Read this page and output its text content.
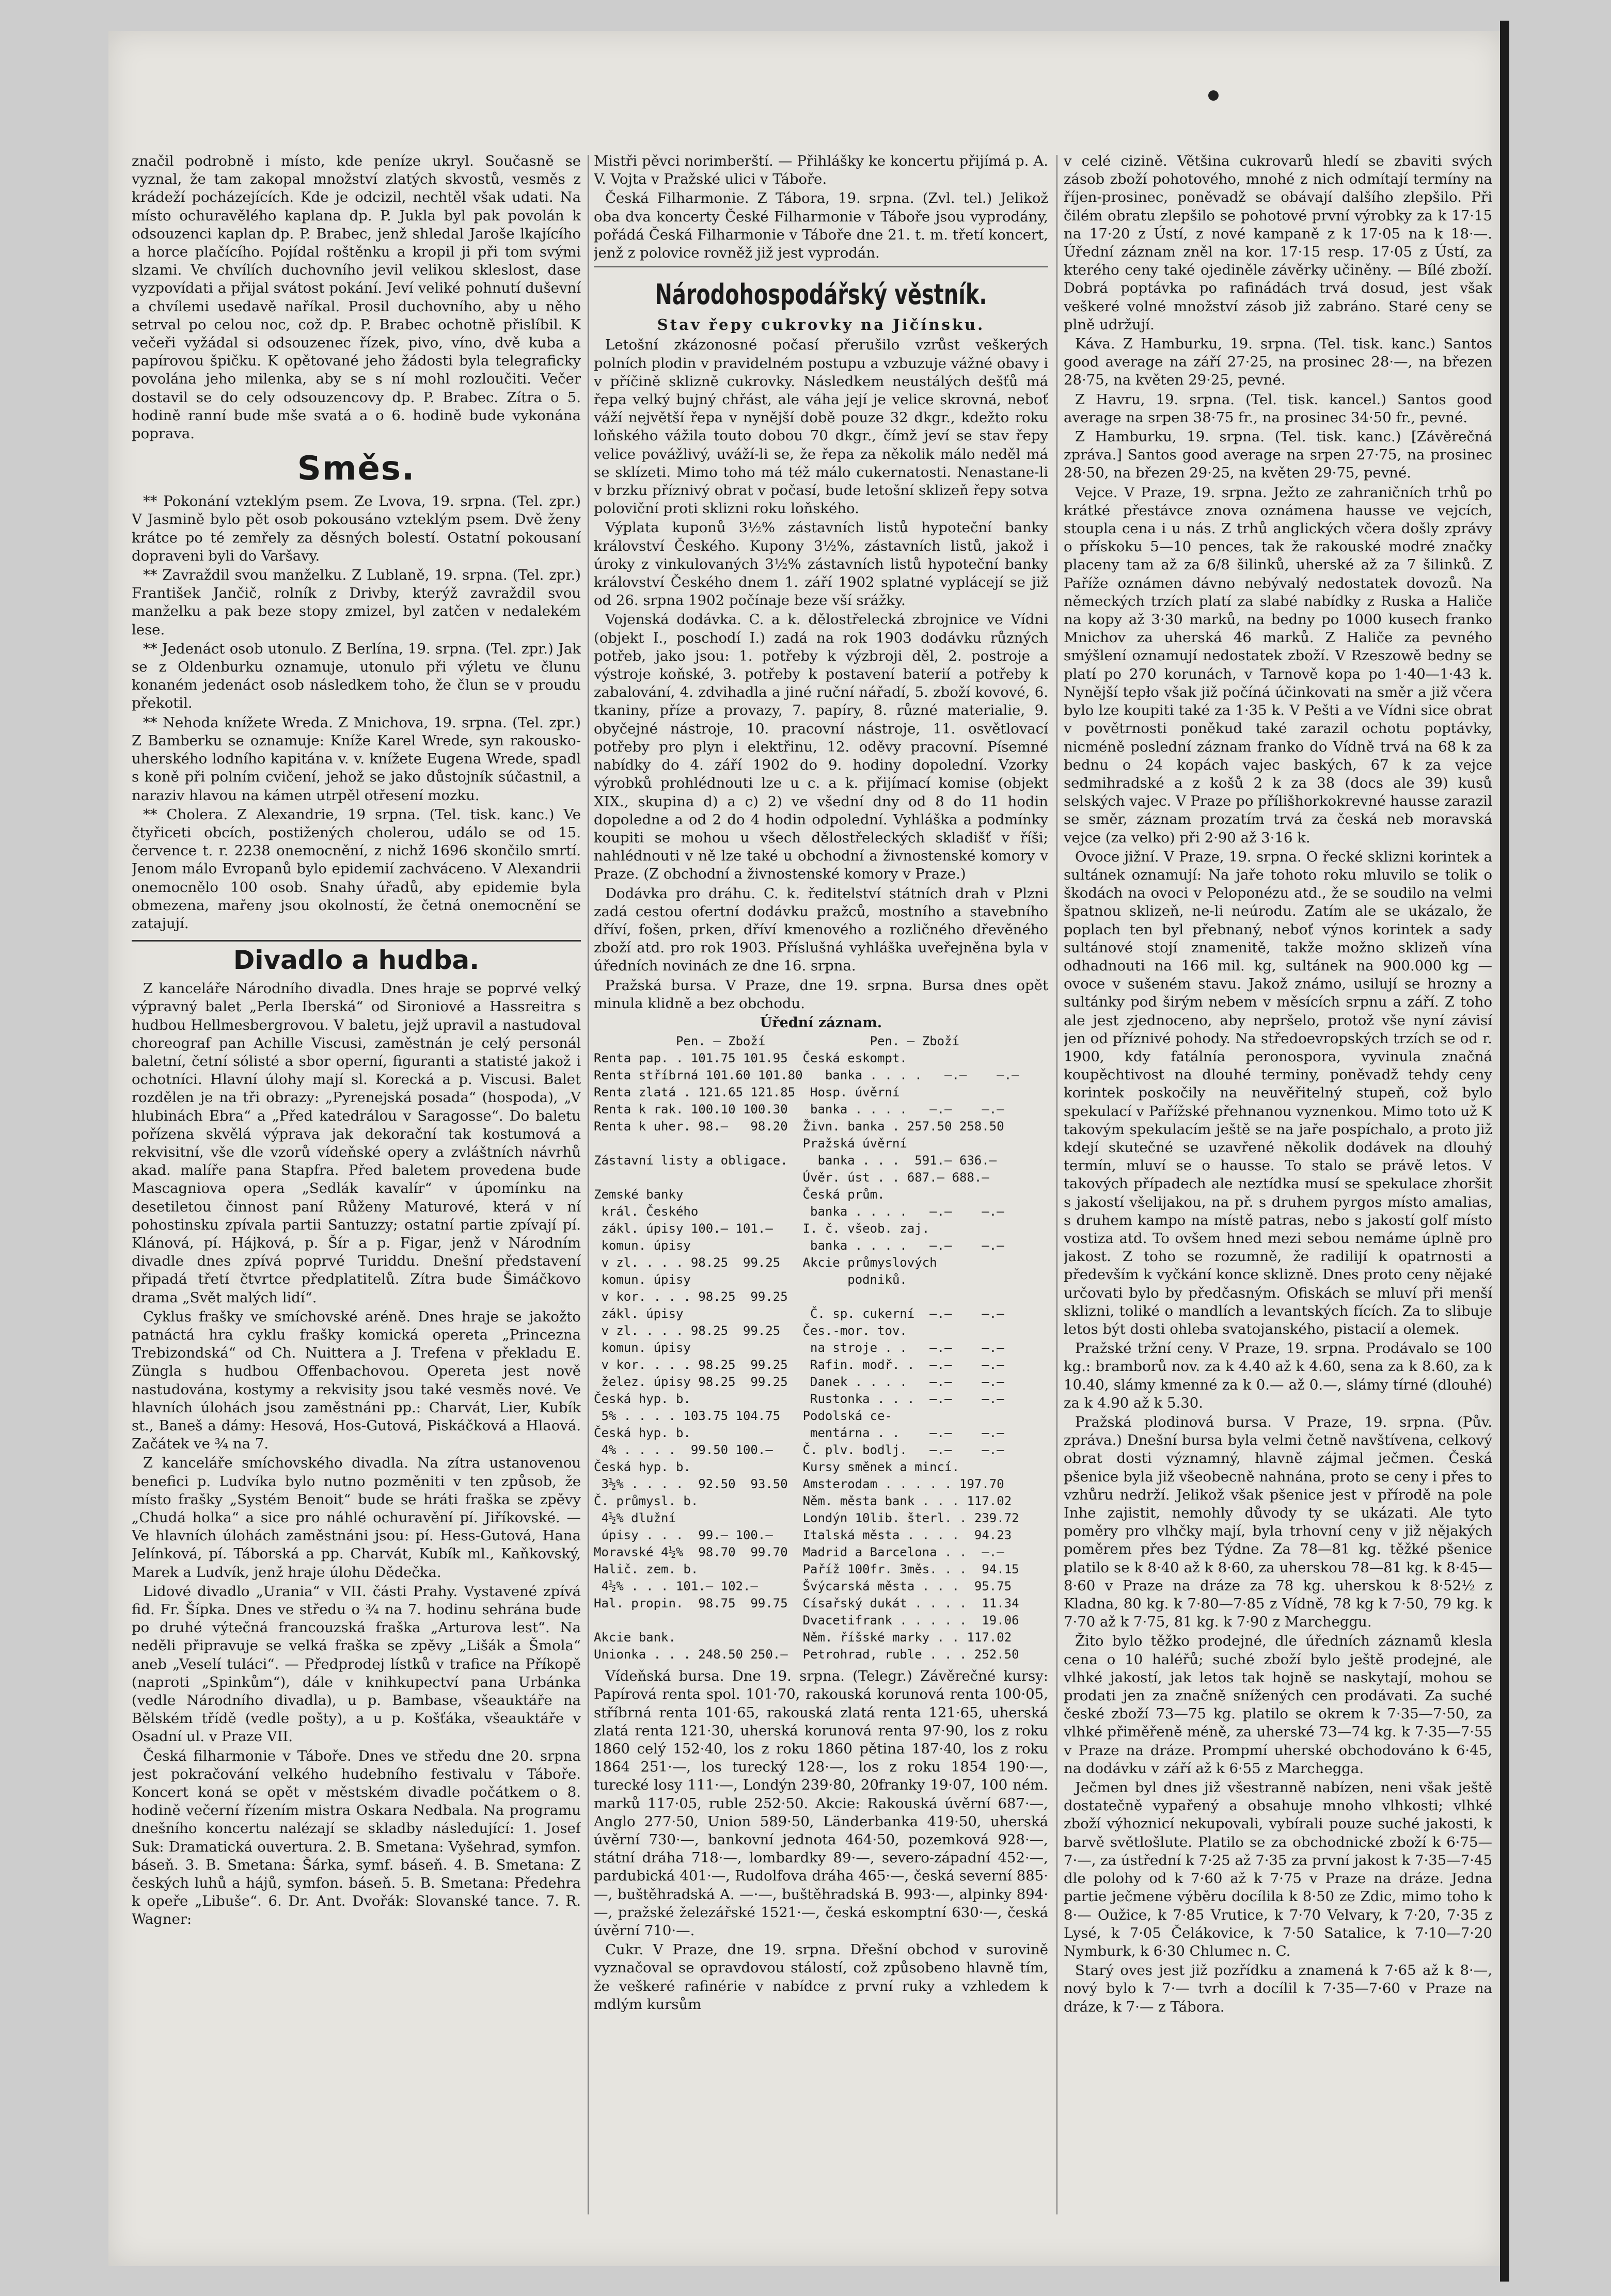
značil podrobně i místo, kde peníze ukryl. Současně se vyznal, že tam zakopal množství zlatých skvostů, vesměs z krádeží pocházejících. Kde je odcizil, nechtěl však udati. Na místo ochuravělého kaplana dp. P. Jukla byl pak povolán k odsouzenci kaplan dp. P. Brabec, jenž shledal Jaroše lkajícího a horce plačícího. Pojídal roštěnku a kropil ji při tom svými slzami. Ve chvílích duchovního jevil velikou skleslost, dase vyzpovídati a přijal svátost pokání. Jeví veliké pohnutí duševní a chvílemi usedavě naříkal. Prosil duchovního, aby u něho setrval po celou noc, což dp. P. Brabec ochotně přislíbil. K večeři vyžádal si odsouzenec řízek, pivo, víno, dvě kuba a papírovou špičku. K opětované jeho žádosti byla telegraficky povolána jeho milenka, aby se s ní mohl rozloučiti. Večer dostavil se do cely odsouzencovy dp. P. Brabec. Zítra o 5. hodině ranní bude mše svatá a o 6. hodině bude vykonána poprava.

Směs.

** Pokonání vzteklým psem. Ze Lvova, 19. srpna. (Tel. zpr.) V Jasmině bylo pět osob pokousáno vzteklým psem. Dvě ženy krátce po té zemřely za děsných bolestí. Ostatní pokousaní dopraveni byli do Varšavy.

** Zavraždil svou manželku. Z Lublaně, 19. srpna. (Tel. zpr.) František Jančič, rolník z Drivby, kterýž zavraždil svou manželku a pak beze stopy zmizel, byl zatčen v nedalekém lese.

** Jedenáct osob utonulo. Z Berlína, 19. srpna. (Tel. zpr.) Jak se z Oldenburku oznamuje, utonulo při výletu ve člunu konaném jedenáct osob následkem toho, že člun se v proudu překotil.

** Nehoda knížete Wreda. Z Mnichova, 19. srpna. (Tel. zpr.) Z Bamberku se oznamuje: Kníže Karel Wrede, syn rakousko-uherského lodního kapitána v. v. knížete Eugena Wrede, spadl s koně při polním cvičení, jehož se jako důstojník súčastnil, a naraziv hlavou na kámen utrpěl otřesení mozku.

** Cholera. Z Alexandrie, 19 srpna. (Tel. tisk. kanc.) Ve čtyřiceti obcích, postižených cholerou, událo se od 15. července t. r. 2238 onemocnění, z nichž 1696 skončilo smrtí. Jenom málo Evropanů bylo epidemií zachváceno. V Alexandrii onemocnělo 100 osob. Snahy úřadů, aby epidemie byla obmezena, mařeny jsou okolností, že četná onemocnění se zatajují.

Divadlo a hudba.

Z kanceláře Národního divadla. Dnes hraje se poprvé velký výpravný balet „Perla Iberská“ od Sironiové a Hassreitra s hudbou Hellmesbergrovou. V baletu, jejž upravil a nastudoval choreograf pan Achille Viscusi, zaměstnán je celý personál baletní, četní sólisté a sbor operní, figuranti a statisté jakož i ochotníci. Hlavní úlohy mají sl. Korecká a p. Viscusi. Balet rozdělen je na tři obrazy: „Pyrenejská posada“ (hospoda), „V hlubinách Ebra“ a „Před katedrálou v Saragosse“. Do baletu pořízena skvělá výprava jak dekorační tak kostumová a rekvisitní, vše dle vzorů vídeňské opery a zvláštních návrhů akad. malíře pana Stapfra. Před baletem provedena bude Mascagniova opera „Sedlák kavalír“ v úpomínku na desetiletou činnost paní Růženy Maturové, která v ní pohostinsku zpívala partii Santuzzy; ostatní partie zpívají pí. Klánová, pí. Hájková, p. Šír a p. Figar, jenž v Národním divadle dnes zpívá poprvé Turiddu. Dnešní představení připadá třetí čtvrtce předplatitelů. Zítra bude Šimáčkovo drama „Svět malých lidí“.

Cyklus frašky ve smíchovské aréně. Dnes hraje se jakožto patnáctá hra cyklu frašky komická opereta „Princezna Trebizondská“ od Ch. Nuittera a J. Trefena v překladu E. Züngla s hudbou Offenbachovou. Opereta jest nově nastudována, kostymy a rekvisity jsou také vesměs nové. Ve hlavních úlohách jsou zaměstnáni pp.: Charvát, Lier, Kubík st., Baneš a dámy: Hesová, Hos-Gutová, Piskáčková a Hlaová. Začátek ve ¾ na 7.

Z kanceláře smíchovského divadla. Na zítra ustanovenou benefici p. Ludvíka bylo nutno pozměniti v ten způsob, že místo frašky „Systém Benoit“ bude se hráti fraška se zpěvy „Chudá holka“ a sice pro náhlé ochuravění pí. Jiříkovské. — Ve hlavních úlohách zaměstnáni jsou: pí. Hess-Gutová, Hana Jelínková, pí. Táborská a pp. Charvát, Kubík ml., Kaňkovský, Marek a Ludvík, jenž hraje úlohu Dědečka.

Lidové divadlo „Urania“ v VII. části Prahy. Vystavené zpívá fid. Fr. Šípka. Dnes ve středu o ¾ na 7. hodinu sehrána bude po druhé výtečná francouzská fraška „Arturova lest“. Na neděli připravuje se velká fraška se zpěvy „Lišák a Šmola“ aneb „Veselí tuláci“. — Předprodej lístků v trafice na Příkopě (naproti „Spinkům“), dále v knihkupectví pana Urbánka (vedle Národního divadla), u p. Bambase, všeauktáře na Bělském třídě (vedle pošty), a u p. Košťáka, všeauktáře v Osadní ul. v Praze VII.

Česká filharmonie v Táboře. Dnes ve středu dne 20. srpna jest pokračování velkého hudebního festivalu v Táboře. Koncert koná se opět v městském divadle počátkem o 8. hodině večerní řízením mistra Oskara Nedbala. Na programu dnešního koncertu nalézají se skladby následující: 1. Josef Suk: Dramatická ouvertura. 2. B. Smetana: Vyšehrad, symfon. báseň. 3. B. Smetana: Šárka, symf. báseň. 4. B. Smetana: Z českých luhů a hájů, symfon. báseň. 5. B. Smetana: Předehra k opeře „Libuše“. 6. Dr. Ant. Dvořák: Slovanské tance. 7. R. Wagner:

Mistři pěvci norimberští. — Přihlášky ke koncertu přijímá p. A. V. Vojta v Pražské ulici v Táboře.

Česká Filharmonie. Z Tábora, 19. srpna. (Zvl. tel.) Jelikož oba dva koncerty České Filharmonie v Táboře jsou vyprodány, pořádá Česká Filharmonie v Táboře dne 21. t. m. třetí koncert, jenž z polovice rovněž již jest vyprodán.

Národohospodářský věstník.
Stav řepy cukrovky na Jičínsku.

Letošní zkázonosné počasí přerušilo vzrůst veškerých polních plodin v pravidelném postupu a vzbuzuje vážné obavy i v příčině sklizně cukrovky. Následkem neustálých dešťů má řepa velký bujný chřást, ale váha její je velice skrovná, neboť váží největší řepa v nynější době pouze 32 dkgr., kdežto roku loňského vážila touto dobou 70 dkgr., čímž jeví se stav řepy velice povážlivý, uváží-li se, že řepa za několik málo neděl má se sklízeti. Mimo toho má též málo cukernatosti. Nenastane-li v brzku příznivý obrat v počasí, bude letošní sklizeň řepy sotva poloviční proti sklizni roku loňského.

Výplata kuponů 3½% zástavních listů hypoteční banky království Českého. Kupony 3½%, zástavních listů, jakož i úroky z vinkulovaných 3½% zástavních listů hypoteční banky království Českého dnem 1. září 1902 splatné vyplácejí se již od 26. srpna 1902 počínaje beze vší srážky.

Vojenská dodávka. C. a k. dělostřelecká zbrojnice ve Vídni (objekt I., poschodí I.) zadá na rok 1903 dodávku různých potřeb, jako jsou: 1. potřeby k výzbroji děl, 2. postroje a výstroje koňské, 3. potřeby k postavení baterií a potřeby k zabalování, 4. zdvihadla a jiné ruční nářadí, 5. zboží kovové, 6. tkaniny, příze a provazy, 7. papíry, 8. různé materialie, 9. obyčejné nástroje, 10. pracovní nástroje, 11. osvětlovací potřeby pro plyn i elektřinu, 12. oděvy pracovní. Písemné nabídky do 4. září 1902 do 9. hodiny dopolední. Vzorky výrobků prohlédnouti lze u c. a k. přijímací komise (objekt XIX., skupina d) a c) 2) ve všední dny od 8 do 11 hodin dopoledne a od 2 do 4 hodin odpolední. Vyhláška a podmínky koupiti se mohou u všech dělostřeleckých skladišť v říši; nahlédnouti v ně lze také u obchodní a živnostenské komory v Praze. (Z obchodní a živnostenské komory v Praze.)

Dodávka pro dráhu. C. k. ředitelství státních drah v Plzni zadá cestou ofertní dodávku pražců, mostního a stavebního dříví, fošen, prken, dříví kmenového a rozličného dřevěného zboží atd. pro rok 1903. Příslušná vyhláška uveřejněna byla v úředních novinách ze dne 16. srpna.

Pražská bursa. V Praze, dne 19. srpna. Bursa dnes opět minula klidně a bez obchodu.

Úřední záznam.
Pen. — Zboží              Pen. — Zboží
Renta pap. . 101.75 101.95  Česká eskompt.
Renta stříbrná 101.60 101.80   banka . . . .   —.—    —.—
Renta zlatá . 121.65 121.85  Hosp. úvěrní
Renta k rak. 100.10 100.30   banka . . . .   —.—    —.—
Renta k uher. 98.—   98.20  Živn. banka . 257.50 258.50
Pražská úvěrní
Zástavní listy a obligace.    banka . . .  591.— 636.—
Úvěr. úst . . 687.— 688.—
Zemské banky                Česká prům.
král. Českého               banka . . . .   —.—    —.—
zákl. úpisy 100.— 101.—    I. č. všeob. zaj.
komun. úpisy                banka . . . .   —.—    —.—
v zl. . . . 98.25  99.25   Akcie průmyslových
komun. úpisy                     podniků.
v kor. . . . 98.25  99.25
zákl. úpisy                 Č. sp. cukerní  —.—    —.—
v zl. . . . 98.25  99.25   Čes.-mor. tov.
komun. úpisy                na stroje . .   —.—    —.—
v kor. . . . 98.25  99.25   Rafin. modř. .  —.—    —.—
želez. úpisy 98.25  99.25   Danek . . . .   —.—    —.—
Česká hyp. b.                Rustonka . . .  —.—    —.—
5% . . . . 103.75 104.75   Podolská ce-
Česká hyp. b.                mentárna . .    —.—    —.—
4% . . . .  99.50 100.—    Č. plv. bodlj.   —.—    —.—
Česká hyp. b.               Kursy směnek a mincí.
3½% . . . .  92.50  93.50  Amsterodam . . . . . 197.70
Č. průmysl. b.              Něm. města bank . . . 117.02
4½% dlužní                 Londýn 10lib. šterl. . 239.72
úpisy . . .  99.— 100.—    Italská města . . . .  94.23
Moravské 4½%  98.70  99.70  Madrid a Barcelona . .  —.—
Halič. zem. b.              Paříž 100fr. 3měs. . .  94.15
4½% . . . 101.— 102.—      Švýcarská města . . .  95.75
Hal. propin.  98.75  99.75  Císařský dukát . . . .  11.34
Dvacetifrank . . . . .  19.06
Akcie bank.                 Něm. říšské marky . . 117.02
Unionka . . . 248.50 250.—  Petrohrad, ruble . . . 252.50

Vídeňská bursa. Dne 19. srpna. (Telegr.) Závěrečné kursy: Papírová renta spol. 101·70, rakouská korunová renta 100·05, stříbrná renta 101·65, rakouská zlatá renta 121·65, uherská zlatá renta 121·30, uherská korunová renta 97·90, los z roku 1860 celý 152·40, los z roku 1860 pětina 187·40, los z roku 1864 251·—, los turecký 128·—, los z roku 1854 190·—, turecké losy 111·—, Londýn 239·80, 20franky 19·07, 100 ném. marků 117·05, ruble 252·50. Akcie: Rakouská úvěrní 687·—, Anglo 277·50, Union 589·50, Länderbanka 419·50, uherská úvěrní 730·—, bankovní jednota 464·50, pozemková 928·—, státní dráha 718·—, lombardky 89·—, severo-západní 452·—, pardubická 401·—, Rudolfova dráha 465·—, česká severní 885·—, buštěhradská A. —·—, buštěhradská B. 993·—, alpinky 894·—, pražské železářské 1521·—, česká eskomptní 630·—, česká úvěrní 710·—.

Cukr. V Praze, dne 19. srpna. Dřešní obchod v surovině vyznačoval se opravdovou stálostí, což způsobeno hlavně tím, že veškeré rafinérie v nabídce z první ruky a vzhledem k mdlým kursům

v celé cizině. Většina cukrovarů hledí se zbaviti svých zásob zboží pohotového, mnohé z nich odmítají termíny na říjen-prosinec, poněvadž se obávají dalšího zlepšilo. Při čilém obratu zlepšilo se pohotové první výrobky za k 17·15 na 17·20 z Ústí, z nové kampaně z k 17·05 na k 18·—. Úřední záznam zněl na kor. 17·15 resp. 17·05 z Ústí, za kterého ceny také ojediněle závěrky učiněny. — Bílé zboží. Dobrá poptávka po rafinádách trvá dosud, jest však veškeré volné množství zásob již zabráno. Staré ceny se plně udržují.

Káva. Z Hamburku, 19. srpna. (Tel. tisk. kanc.) Santos good average na září 27·25, na prosinec 28·—, na březen 28·75, na květen 29·25, pevné.

Z Havru, 19. srpna. (Tel. tisk. kancel.) Santos good average na srpen 38·75 fr., na prosinec 34·50 fr., pevné.

Z Hamburku, 19. srpna. (Tel. tisk. kanc.) [Závěrečná zpráva.] Santos good average na srpen 27·75, na prosinec 28·50, na březen 29·25, na květen 29·75, pevné.

Vejce. V Praze, 19. srpna. Ježto ze zahraničních trhů po krátké přestávce znova oznámena hausse ve vejcích, stoupla cena i u nás. Z trhů anglických včera došly zprávy o přískoku 5—10 pences, tak že rakouské modré značky placeny tam až za 6/8 šilinků, uherské až za 7 šilinků. Z Paříže oznámen dávno nebývalý nedostatek dovozů. Na německých trzích platí za slabé nabídky z Ruska a Haliče na kopy až 3·30 marků, na bedny po 1000 kusech franko Mnichov za uherská 46 marků. Z Haliče za pevného smýšlení oznamují nedostatek zboží. V Rzeszowě bedny se platí po 270 korunách, v Tarnově kopa po 1·40—1·43 k. Nynější tepło však již počíná účinkovati na směr a již včera bylo lze koupiti také za 1·35 k. V Pešti a ve Vídni sice obrat v povětrnosti poněkud také zarazil ochotu poptávky, nicméně poslední záznam franko do Vídně trvá na 68 k za bednu o 24 kopách vajec baských, 67 k za vejce sedmihradské a z košů 2 k za 38 (docs ale 39) kusů selských vajec. V Praze po přílišhorkokrevné hausse zarazil se směr, záznam prozatím trvá za česká neb moravská vejce (za velko) při 2·90 až 3·16 k.

Ovoce jižní. V Praze, 19. srpna. O řecké sklizni korintek a sultánek oznamují: Na jaře tohoto roku mluvilo se tolik o škodách na ovoci v Peloponézu atd., že se soudilo na velmi špatnou sklizeň, ne-li neúrodu. Zatím ale se ukázalo, že poplach ten byl přebnaný, neboť výnos korintek a sady sultánové stojí znamenitě, takže možno sklizeň vína odhadnouti na 166 mil. kg, sultánek na 900.000 kg — ovoce v sušeném stavu. Jakož známo, usilují se hrozny a sultánky pod širým nebem v měsících srpnu a září. Z toho ale jest zjednoceno, aby nepršelo, protož vše nyní závisí jen od příznivé pohody. Na středoevropských trzích se od r. 1900, kdy fatálnía peronospora, vyvinula značná koupěchtivost na dlouhé terminy, poněvadž tehdy ceny korintek poskočily na neuvěřitelný stupeň, což bylo spekulací v Pařížské přehnanou vyznenkou. Mimo toto už K takovým spekulacím ještě se na jaře pospíchalo, a proto již kdejí skutečné se uzavřené několik dodávek na dlouhý termín, mluví se o hausse. To stalo se právě letos. V takových případech ale neztídka musí se spekulace zhoršit s jakostí všelijakou, na př. s druhem pyrgos místo amalias, s druhem kampo na místě patras, nebo s jakostí golf místo vostiza atd. To ovšem hned mezi sebou nemáme úplně pro jakost. Z toho se rozumně, že radilijí k opatrnosti a především k vyčkání konce sklizně. Dnes proto ceny nějaké určovati bylo by předčasným. Ofiskách se mluví při menší sklizni, toliké o mandlích a levantských fících. Za to slibuje letos být dosti ohleba svatojanského, pistacií a olemek.

Pražské tržní ceny. V Praze, 19. srpna. Prodávalo se 100 kg.: bramborů nov. za k 4.40 až k 4.60, sena za k 8.60, za k 10.40, slámy kmenné za k 0.— až 0.—, slámy tírné (dlouhé) za k 4.90 až k 5.30.

Pražská plodinová bursa. V Praze, 19. srpna. (Pův. zpráva.) Dnešní bursa byla velmi četně navštívena, celkový obrat dosti významný, hlavně zájmal ječmen. Česká pšenice byla již všeobecně nahnána, proto se ceny i přes to vzhůru nedrží. Jelikož však pšenice jest v přírodě na pole Inhe zajistit, nemohly důvody ty se ukázati. Ale tyto poměry pro vlhčky mají, byla trhovní ceny v již nějakých poměrem přes bez Týdne. Za 78—81 kg. těžké pšenice platilo se k 8·40 až k 8·60, za uherskou 78—81 kg. k 8·45—8·60 v Praze na dráze za 78 kg. uherskou k 8·52½ z Kladna, 80 kg. k 7·80—7·85 z Vídně, 78 kg k 7·50, 79 kg. k 7·70 až k 7·75, 81 kg. k 7·90 z Marcheggu.

Žito bylo těžko prodejné, dle úředních záznamů klesla cena o 10 haléřů; suché zboží bylo ještě prodejné, ale vlhké jakostí, jak letos tak hojně se naskytají, mohou se prodati jen za značně snížených cen prodávati. Za suché české zboží 73—75 kg. platilo se okrem k 7·35—7·50, za vlhké přiměřeně méně, za uherské 73—74 kg. k 7·35—7·55 v Praze na dráze. Prompmí uherské obchodováno k 6·45, na dodávku v září až k 6·55 z Marchegga.

Ječmen byl dnes již všestranně nabízen, neni však ještě dostatečně vypařený a obsahuje mnoho vlhkosti; vlhké zboží výhoznicí nekupovali, vybírali pouze suché jakosti, k barvě světlošlute. Platilo se za obchodnické zboží k 6·75—7·—, za ústřední k 7·25 až 7·35 za první jakost k 7·35—7·45 dle polohy od k 7·60 až k 7·75 v Praze na dráze. Jedna partie ječmene výběru docílila k 8·50 ze Zdic, mimo toho k 8·— Oužice, k 7·85 Vrutice, k 7·70 Velvary, k 7·20, 7·35 z Lysé, k 7·05 Čelákovice, k 7·50 Satalice, k 7·10—7·20 Nymburk, k 6·30 Chlumec n. C.

Starý oves jest již pozřídku a znamená k 7·65 až k 8·—, nový bylo k 7·— tvrh a docílil k 7·35—7·60 v Praze na dráze, k 7·— z Tábora.
